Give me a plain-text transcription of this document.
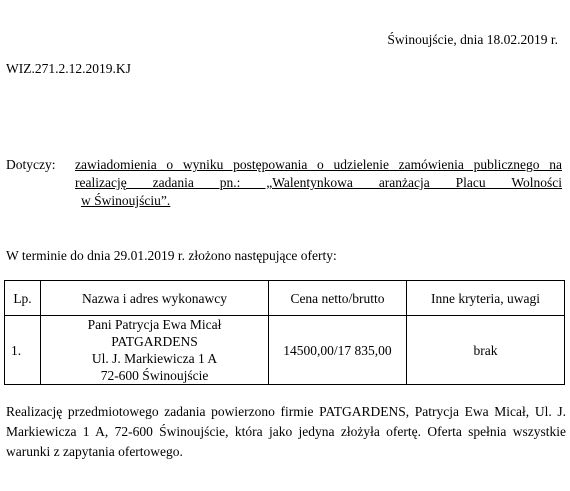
Świnoujście, dnia 18.02.2019 r.
WIZ.271.2.12.2019.KJ
Dotyczy: zawiadomienia o wyniku postępowania o udzielenie zamówienia publicznego na
realizację zadania pn.: „Walentynkowa aranżacja Placu Wolności
w Świnoujściu”.
W terminie do dnia 29.01.2019 r. złożono następujące oferty:
Lp.	Nazwa i adres wykonawcy	Cena netto/brutto	Inne kryteria, uwagi
1.	Pani Patrycja Ewa Micał
PATGARDENS
Ul. J. Markiewicza 1 A
72-600 Świnoujście	14500,00/17 835,00	brak
Realizację przedmiotowego zadania powierzono firmie PATGARDENS, Patrycja Ewa Micał, Ul. J. Markiewicza 1 A, 72-600 Świnoujście, która jako jedyna złożyła ofertę. Oferta spełnia wszystkie warunki z zapytania ofertowego.
